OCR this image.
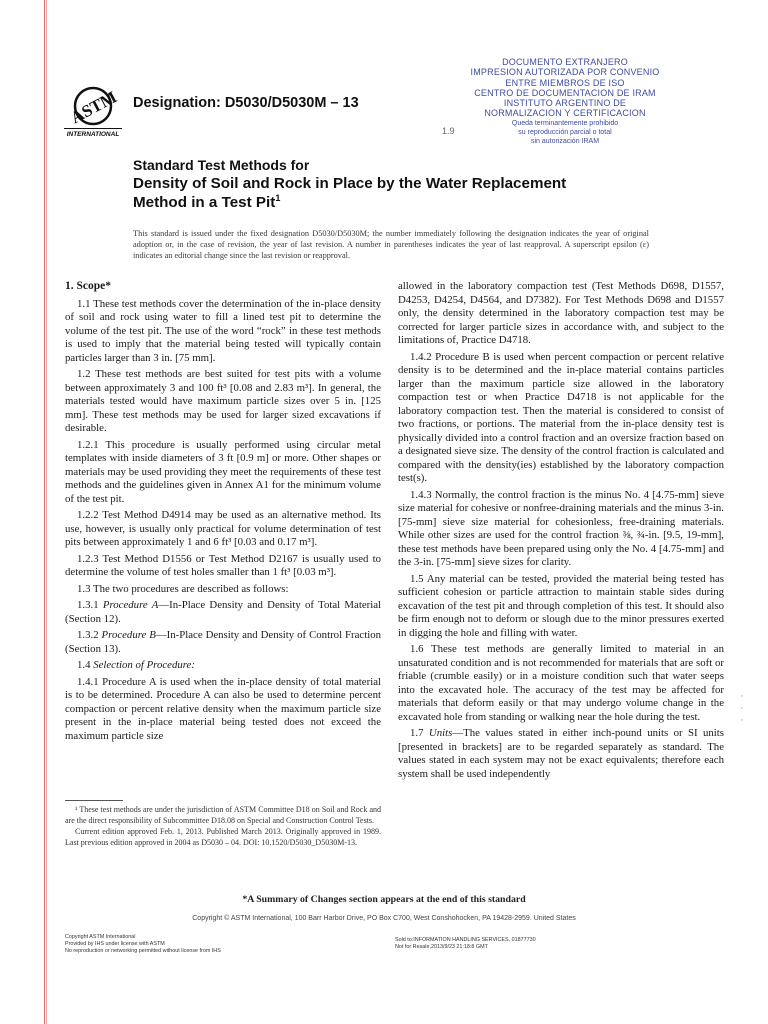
ASTM
INTERNATIONAL
Designation: D5030/D5030M – 13
DOCUMENTO EXTRANJERO
IMPRESION AUTORIZADA POR CONVENIO
ENTRE MIEMBROS DE ISO
CENTRO DE DOCUMENTACION DE IRAM
INSTITUTO ARGENTINO DE
NORMALIZACION Y CERTIFICACION
Queda terminantemente prohibido
su reproducción parcial o total
sin autorización IRAM
1.9
Standard Test Methods for
Density of Soil and Rock in Place by the Water Replacement
Method in a Test Pit$^1$
This standard is issued under the fixed designation D5030/D5030M; the number immediately following the designation indicates the year of original adoption or, in the case of revision, the year of last revision. A number in parentheses indicates the year of last reapproval. A superscript epsilon (ε) indicates an editorial change since the last revision or reapproval.
1. Scope*

1.1 These test methods cover the determination of the in-place density of soil and rock using water to fill a lined test pit to determine the volume of the test pit. The use of the word “rock” in these test methods is used to imply that the material being tested will typically contain particles larger than 3 in. [75 mm].

1.2 These test methods are best suited for test pits with a volume between approximately 3 and 100 ft³ [0.08 and 2.83 m³]. In general, the materials tested would have maximum particle sizes over 5 in. [125 mm]. These test methods may be used for larger sized excavations if desirable.

1.2.1 This procedure is usually performed using circular metal templates with inside diameters of 3 ft [0.9 m] or more. Other shapes or materials may be used providing they meet the requirements of these test methods and the guidelines given in Annex A1 for the minimum volume of the test pit.

1.2.2 Test Method D4914 may be used as an alternative method. Its use, however, is usually only practical for volume determination of test pits between approximately 1 and 6 ft³ [0.03 and 0.17 m³].

1.2.3 Test Method D1556 or Test Method D2167 is usually used to determine the volume of test holes smaller than 1 ft³ [0.03 m³].

1.3 The two procedures are described as follows:

1.3.1 Procedure A—In-Place Density and Density of Total Material (Section 12).

1.3.2 Procedure B—In-Place Density and Density of Control Fraction (Section 13).

1.4 Selection of Procedure:

1.4.1 Procedure A is used when the in-place density of total material is to be determined. Procedure A can also be used to determine percent compaction or percent relative density when the maximum particle size present in the in-place material being tested does not exceed the maximum particle size

¹ These test methods are under the jurisdiction of ASTM Committee D18 on Soil and Rock and are the direct responsibility of Subcommittee D18.08 on Special and Construction Control Tests.

Current edition approved Feb. 1, 2013. Published March 2013. Originally approved in 1989. Last previous edition approved in 2004 as D5030 – 04. DOI: 10.1520/D5030_D5030M-13.

allowed in the laboratory compaction test (Test Methods D698, D1557, D4253, D4254, D4564, and D7382). For Test Methods D698 and D1557 only, the density determined in the laboratory compaction test may be corrected for larger particle sizes in accordance with, and subject to the limitations of, Practice D4718.

1.4.2 Procedure B is used when percent compaction or percent relative density is to be determined and the in-place material contains particles larger than the maximum particle size allowed in the laboratory compaction test or when Practice D4718 is not applicable for the laboratory compaction test. Then the material is considered to consist of two fractions, or portions. The material from the in-place density test is physically divided into a control fraction and an oversize fraction based on a designated sieve size. The density of the control fraction is calculated and compared with the density(ies) established by the laboratory compaction test(s).

1.4.3 Normally, the control fraction is the minus No. 4 [4.75-mm] sieve size material for cohesive or nonfree-draining materials and the minus 3-in. [75-mm] sieve size material for cohesionless, free-draining materials. While other sizes are used for the control fraction ⅜, ¾-in. [9.5, 19-mm], these test methods have been prepared using only the No. 4 [4.75-mm] and the 3-in. [75-mm] sieve sizes for clarity.

1.5 Any material can be tested, provided the material being tested has sufficient cohesion or particle attraction to maintain stable sides during excavation of the test pit and through completion of this test. It should also be firm enough not to deform or slough due to the minor pressures exerted in digging the hole and filling with water.

1.6 These test methods are generally limited to material in an unsaturated condition and is not recommended for materials that are soft or friable (crumble easily) or in a moisture condition such that water seeps into the excavated hole. The accuracy of the test may be affected for materials that deform easily or that may undergo volume change in the excavated hole from standing or walking near the hole during the test.

1.7 Units—The values stated in either inch-pound units or SI units [presented in brackets] are to be regarded separately as standard. The values stated in each system may not be exact equivalents; therefore each system shall be used independently

·
·
·
*A Summary of Changes section appears at the end of this standard
Copyright © ASTM International, 100 Barr Harbor Drive, PO Box C700, West Conshohocken, PA 19428-2959. United States
Copyright ASTM International
Provided by IHS under license with ASTM
No reproduction or networking permitted without license from IHS
Sold to:INFORMATION HANDLING SERVICES, 01877730
Not for Resale,2013/9/23 21:18:8 GMT
